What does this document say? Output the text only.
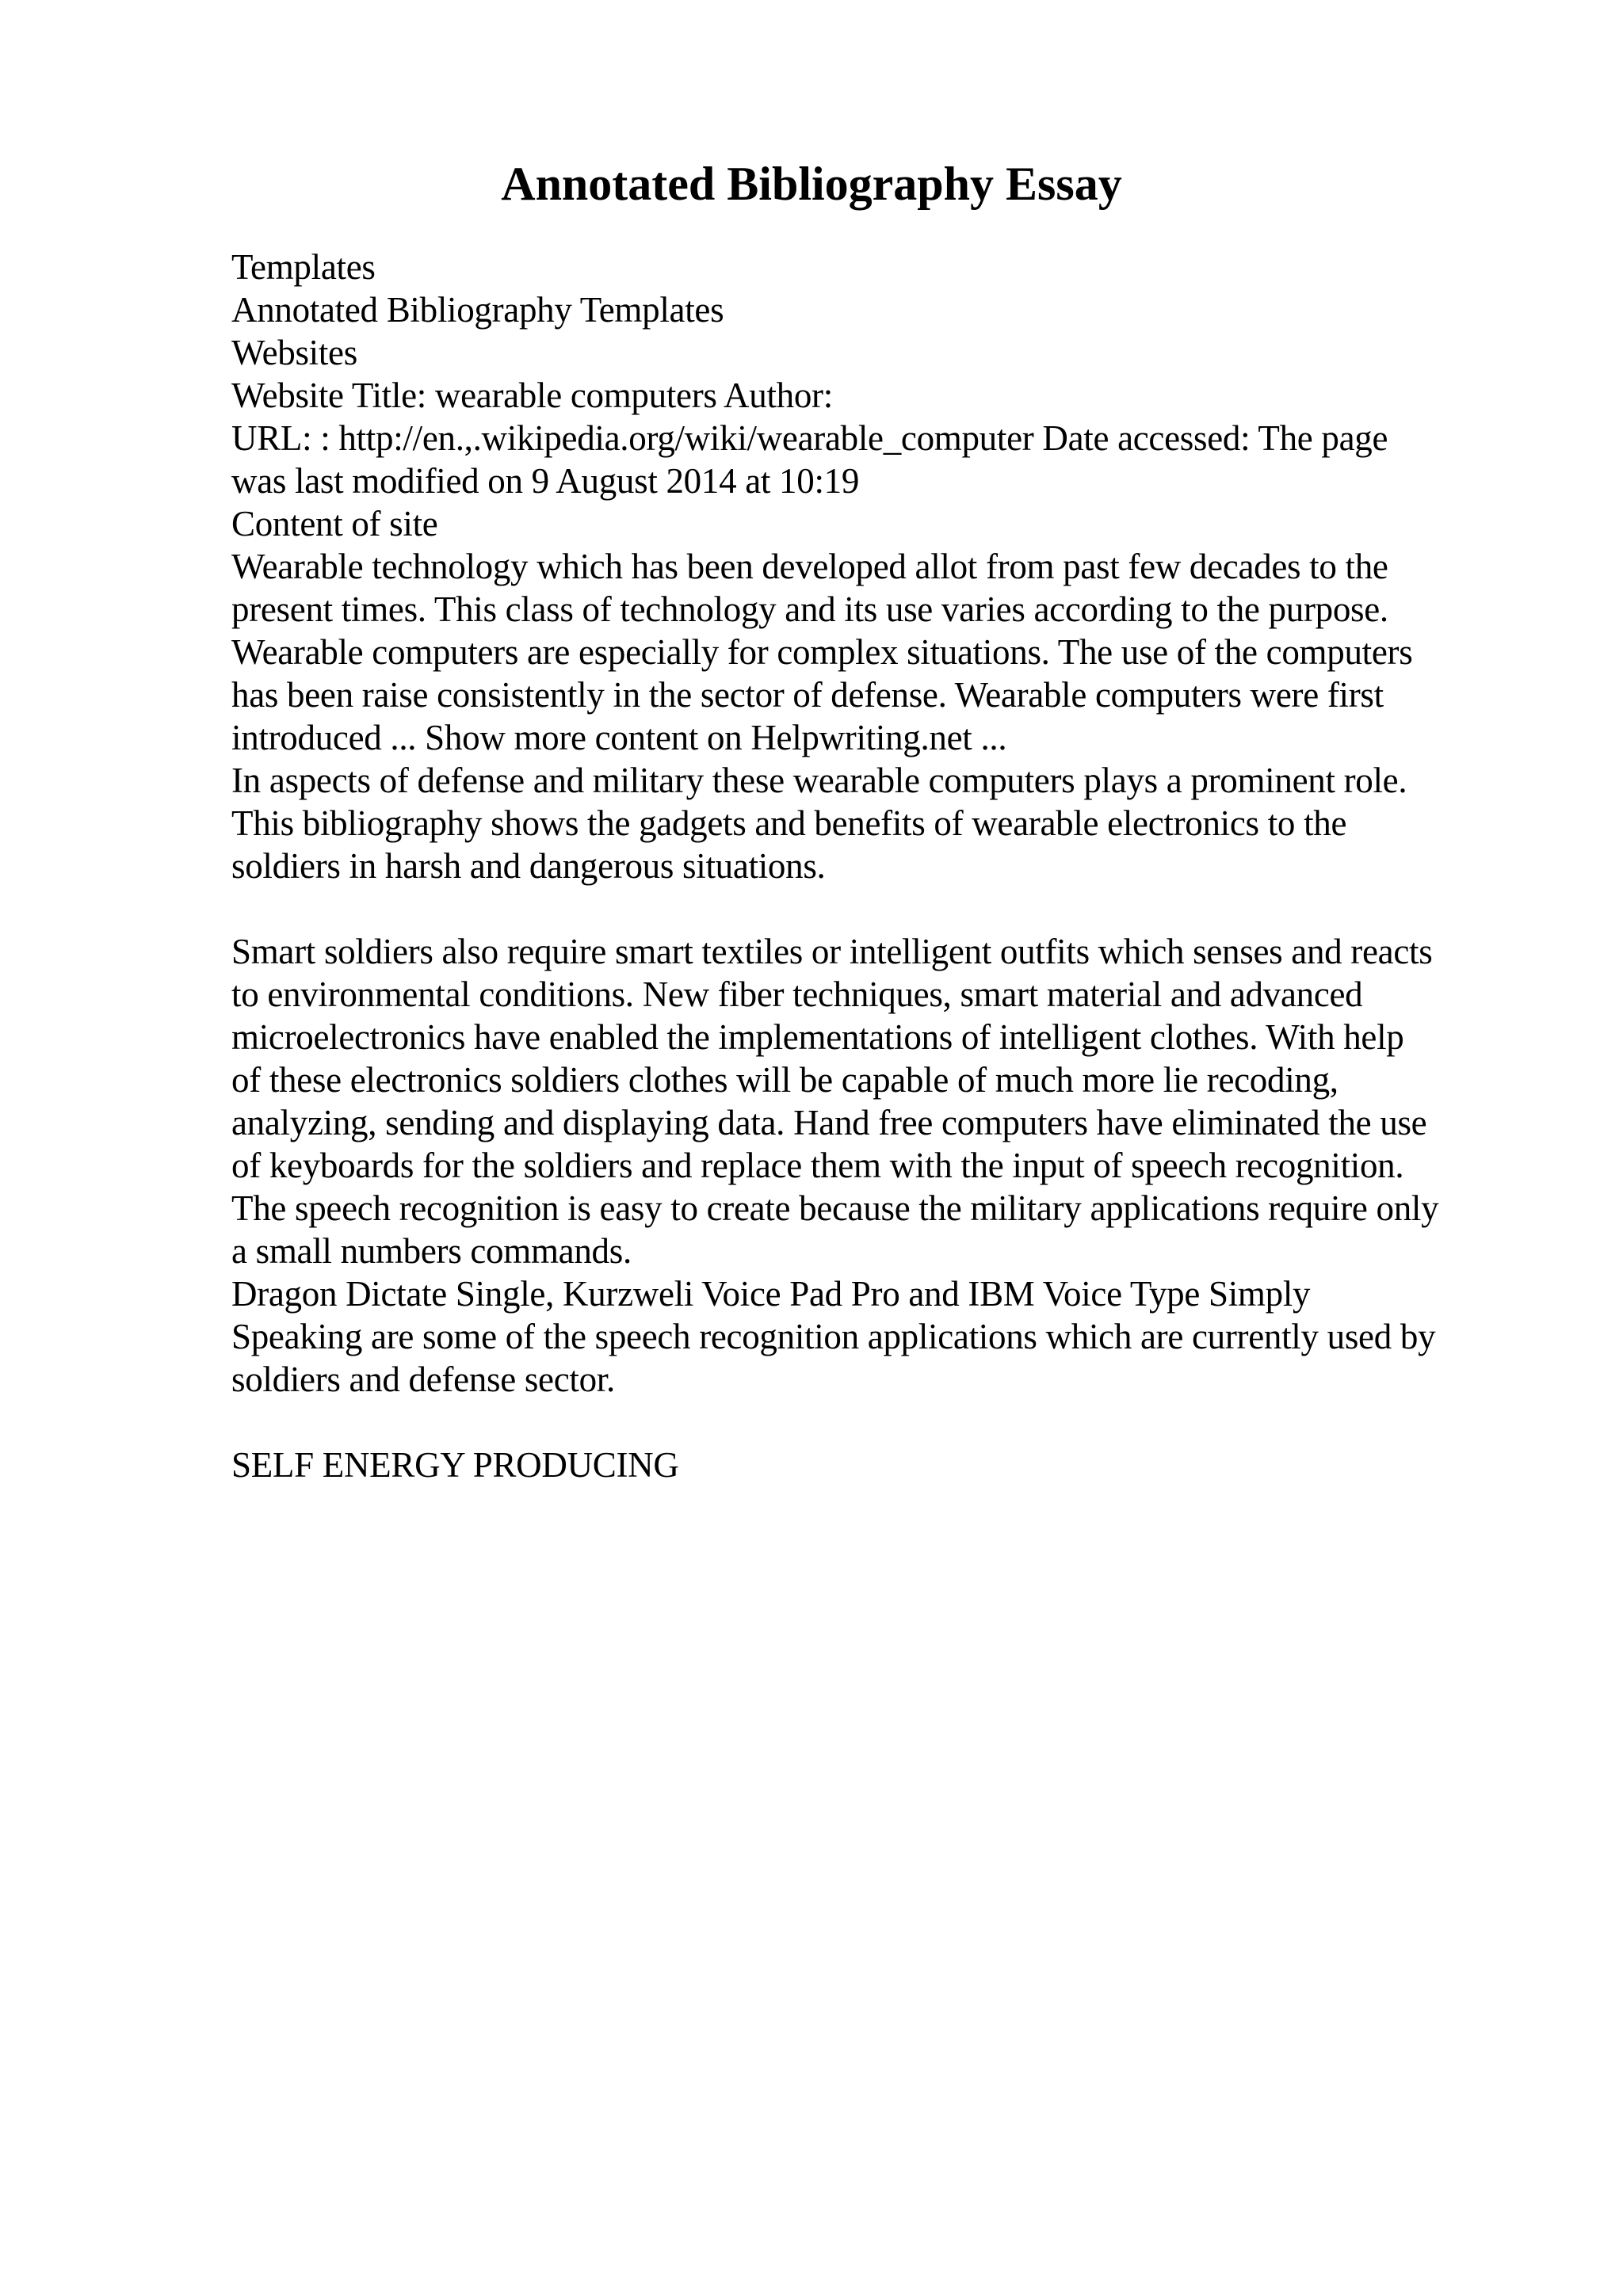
Annotated Bibliography Essay
Templates
Annotated Bibliography Templates
Websites
Website Title: wearable computers Author:
URL: : http://en.,.wikipedia.org/wiki/wearable_computer Date accessed: The page
was last modified on 9 August 2014 at 10:19
Content of site
Wearable technology which has been developed allot from past few decades to the
present times. This class of technology and its use varies according to the purpose.
Wearable computers are especially for complex situations. The use of the computers
has been raise consistently in the sector of defense. Wearable computers were first
introduced ... Show more content on Helpwriting.net ...
In aspects of defense and military these wearable computers plays a prominent role.
This bibliography shows the gadgets and benefits of wearable electronics to the
soldiers in harsh and dangerous situations.
Smart soldiers also require smart textiles or intelligent outfits which senses and reacts
to environmental conditions. New fiber techniques, smart material and advanced
microelectronics have enabled the implementations of intelligent clothes. With help
of these electronics soldiers clothes will be capable of much more lie recoding,
analyzing, sending and displaying data. Hand free computers have eliminated the use
of keyboards for the soldiers and replace them with the input of speech recognition.
The speech recognition is easy to create because the military applications require only
a small numbers commands.
Dragon Dictate Single, Kurzweli Voice Pad Pro and IBM Voice Type Simply
Speaking are some of the speech recognition applications which are currently used by
soldiers and defense sector.
SELF ENERGY PRODUCING
